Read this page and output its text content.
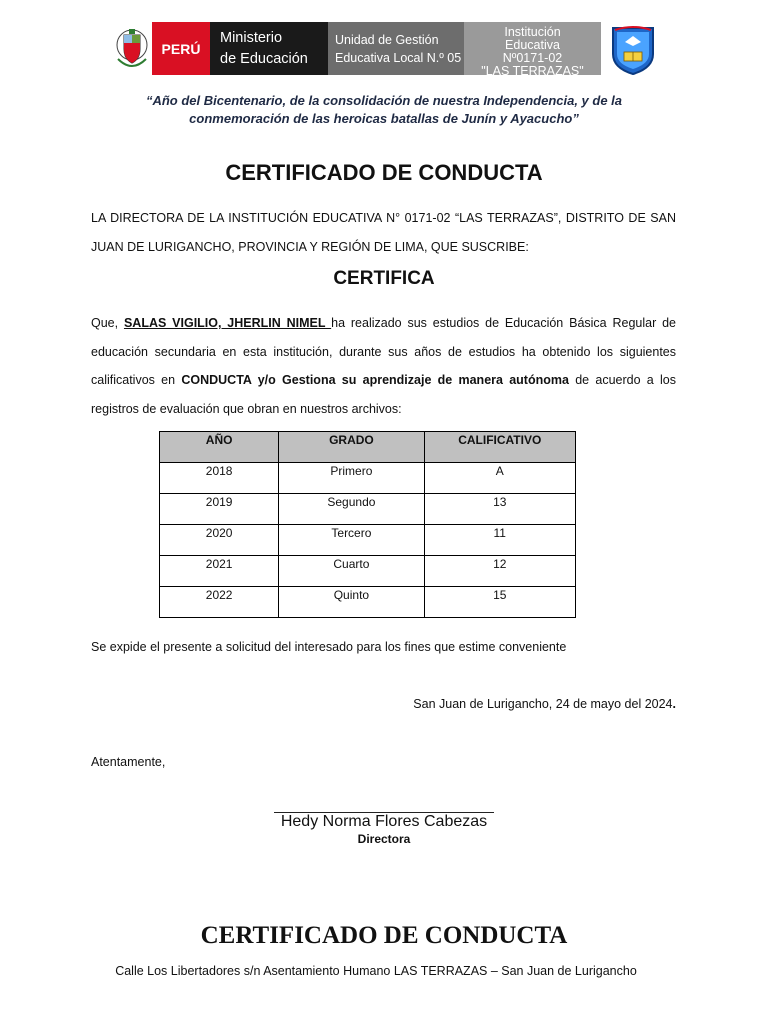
PERÚ
Ministerio
de Educación
Unidad de Gestión
Educativa Local N.º 05
Institución
Educativa
Nº0171-02
"LAS TERRAZAS"
“Año del Bicentenario, de la consolidación de nuestra Independencia, y de la conmemoración de las heroicas batallas de Junín y Ayacucho”
CERTIFICADO DE CONDUCTA
LA DIRECTORA DE LA INSTITUCIÓN EDUCATIVA N° 0171-02 “LAS TERRAZAS”, DISTRITO DE SAN JUAN DE LURIGANCHO, PROVINCIA Y REGIÓN DE LIMA, QUE SUSCRIBE:
CERTIFICA
Que, SALAS VIGILIO, JHERLIN NIMEL ha realizado sus estudios de Educación Básica Regular de educación secundaria en esta institución, durante sus años de estudios ha obtenido los siguientes calificativos en CONDUCTA y/o Gestiona su aprendizaje de manera autónoma de acuerdo a los registros de evaluación que obran en nuestros archivos:
AÑO	GRADO	CALIFICATIVO
2018	Primero	A
2019	Segundo	13
2020	Tercero	11
2021	Cuarto	12
2022	Quinto	15
Se expide el presente a solicitud del interesado para los fines que estime conveniente
San Juan de Lurigancho, 24 de mayo del 2024.
Atentamente,
Hedy Norma Flores Cabezas
Directora
CERTIFICADO DE CONDUCTA
Calle Los Libertadores s/n Asentamiento Humano LAS TERRAZAS – San Juan de Lurigancho
